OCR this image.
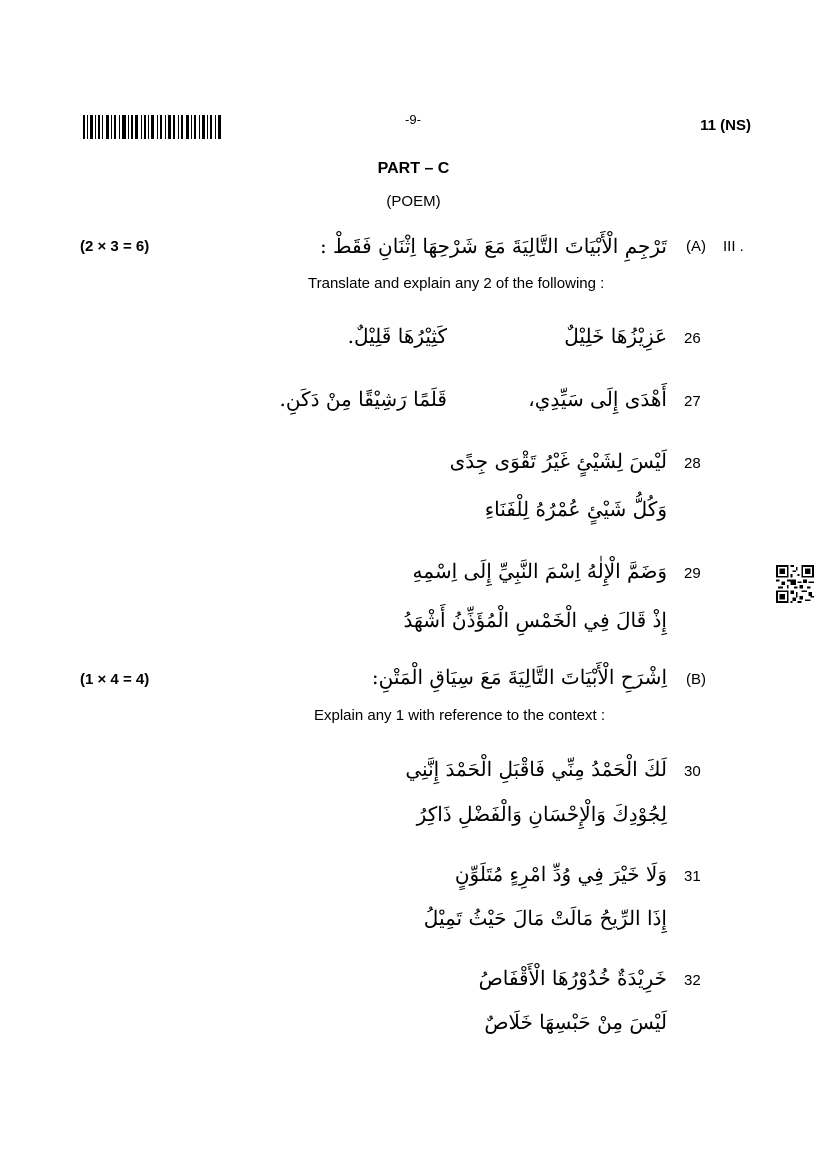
-9-	11 (NS)
PART – C
(POEM)
(2 × 3 = 6)	تَرْجِمِ الْأَبْيَاتَ التَّالِيَةَ مَعَ شَرْحِهَا اِثْنَانِ فَقَطْ : (A) III .
Translate and explain any 2 of the following :
26
عَزِيْزُهَا خَلِيْلٌ
كَثِيْرُهَا قَلِيْلٌ.
27
أَهْدَى إِلَى سَيِّدِي،
قَلَمًا رَشِيْقًا مِنْ دَكَنِ.
28
لَيْسَ لِشَيْئٍ غَيْرُ تَقْوَى جِدًى
وَكُلُّ شَيْئٍ عُمْرُهُ لِلْفَنَاءِ
29
وَضَمَّ الْإِلٰهُ اِسْمَ النَّبِيِّ إِلَى اِسْمِهِ
إِذْ قَالَ فِي الْخَمْسِ الْمُؤَذِّنُ أَشْهَدُ
(1 × 4 = 4)	اِشْرَحِ الْأَبْيَاتَ التَّالِيَةَ مَعَ سِيَاقِ الْمَتْنِ: (B)
Explain any 1 with reference to the context :
30
لَكَ الْحَمْدُ مِنِّي فَاقْبَلِ الْحَمْدَ إِنَّنِي
لِجُوْدِكَ وَالْإِحْسَانِ وَالْفَضْلِ ذَاكِرُ
31
وَلَا خَيْرَ فِي وُدِّ امْرِءٍ مُتَلَوِّنٍ
إِذَا الرِّيحُ مَالَتْ مَالَ حَيْثُ تَمِيْلُ
32
خَرِيْدَةٌ خُدُوْرُهَا الْأَقْفَاصُ
لَيْسَ مِنْ حَبْسِهَا خَلَاصٌ
